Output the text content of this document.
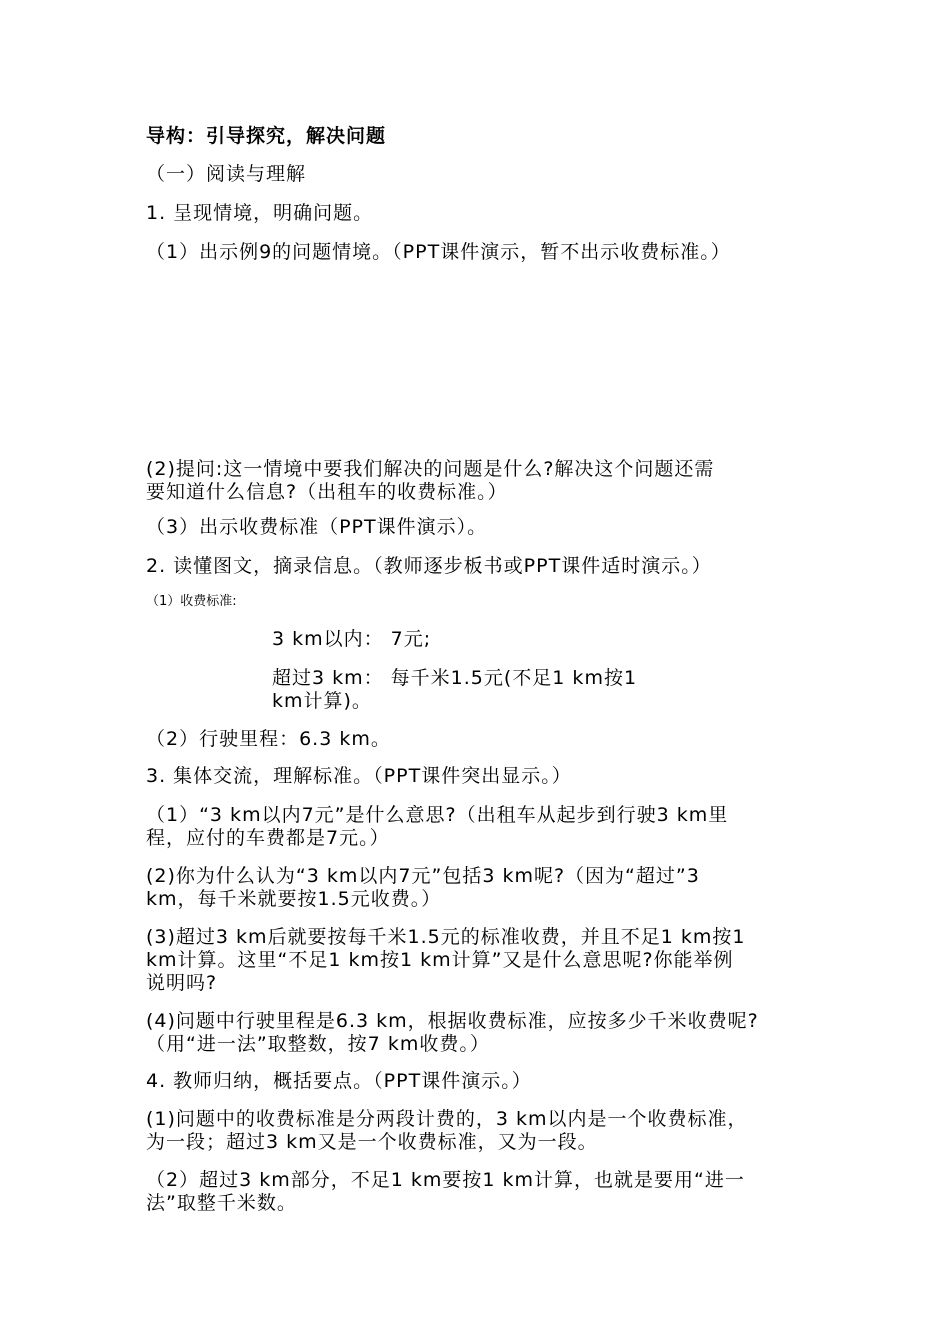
导构：引导探究，解决问题
（一）阅读与理解
1. 呈现情境，明确问题。
（1）出示例9的问题情境。（PPT课件演示，暂不出示收费标准。）
(2)提问:这一情境中要我们解决的问题是什么?解决这个问题还需
要知道什么信息?（出租车的收费标准。）
（3）出示收费标准（PPT课件演示）。
2. 读懂图文，摘录信息。（教师逐步板书或PPT课件适时演示。）
（1）收费标准:
3 km以内： 7元;
超过3 km： 每千米1.5元(不足1 km按1
km计算)。
（2）行驶里程：6.3 km。
3. 集体交流，理解标准。（PPT课件突出显示。）
（1）“3 km以内7元”是什么意思?（出租车从起步到行驶3 km里
程，应付的车费都是7元。）
(2)你为什么认为“3 km以内7元”包括3 km呢?（因为“超过”3
km，每千米就要按1.5元收费。）
(3)超过3 km后就要按每千米1.5元的标准收费，并且不足1 km按1
km计算。这里“不足1 km按1 km计算”又是什么意思呢?你能举例
说明吗?
(4)问题中行驶里程是6.3 km，根据收费标准，应按多少千米收费呢?
（用“进一法”取整数，按7 km收费。）
4. 教师归纳，概括要点。（PPT课件演示。）
(1)问题中的收费标准是分两段计费的，3 km以内是一个收费标准，
为一段；超过3 km又是一个收费标准，又为一段。
（2）超过3 km部分，不足1 km要按1 km计算，也就是要用“进一
法”取整千米数。
